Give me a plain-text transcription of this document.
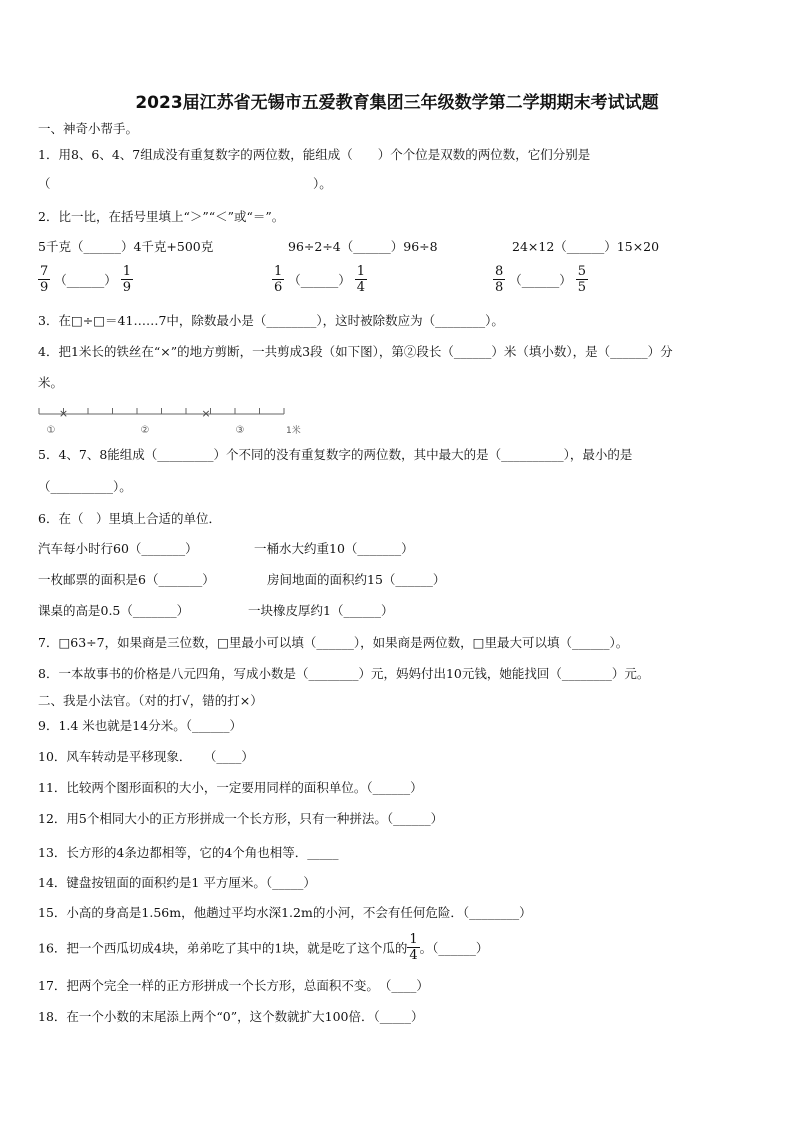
2023届江苏省无锡市五爱教育集团三年级数学第二学期期末考试试题
一、神奇小帮手。
1．用8、6、4、7组成没有重复数字的两位数，能组成（　　）个个位是双数的两位数，它们分别是
（　　　　　　　　　　　　　　　　　　　　　）。
2．比一比，在括号里填上“＞”“＜”或“＝”。
5千克（______）4千克+500克	96÷2÷4（______）96÷8	24×12（______）15×20
$\frac{7}{9}$ （______） $\frac{1}{9}$	$\frac{1}{6}$ （______） $\frac{1}{4}$	$\frac{8}{8}$ （______） $\frac{5}{5}$
3．在□÷□＝41……7中，除数最小是（________），这时被除数应为（________）。
4．把1米长的铁丝在“×”的地方剪断，一共剪成3段（如下图），第②段长（______）米（填小数），是（______）分
米。
×	×
①	②	③	1米
5．4、7、8能组成（_________）个不同的没有重复数字的两位数，其中最大的是（__________），最小的是
（__________）。
6．在（　）里填上合适的单位．
汽车每小时行60（_______）	一桶水大约重10（_______）
一枚邮票的面积是6（_______）	房间地面的面积约15（______）
课桌的高是0.5（_______）	一块橡皮厚约1（______）
7．□63÷7，如果商是三位数，□里最小可以填（______），如果商是两位数，□里最大可以填（______）。
8．一本故事书的价格是八元四角，写成小数是（________）元，妈妈付出10元钱，她能找回（________）元。
二、我是小法官。（对的打√，错的打×）
9．1.4 米也就是14分米。（______）
10．风车转动是平移现象．　　（____）
11．比较两个图形面积的大小，一定要用同样的面积单位。（______）
12．用5个相同大小的正方形拼成一个长方形，只有一种拼法。（______）
13．长方形的4条边都相等，它的4个角也相等．_____
14．键盘按钮面的面积约是1 平方厘米。（_____）
15．小高的身高是1.56m，他趟过平均水深1.2m的小河，不会有任何危险．（________）
16．把一个西瓜切成4块，弟弟吃了其中的1块，就是吃了这个瓜的 $\frac{1}{4}$ 。（______）
17．把两个完全一样的正方形拼成一个长方形，总面积不变。　（____）
18．在一个小数的末尾添上两个“0”，这个数就扩大100倍．（_____）
